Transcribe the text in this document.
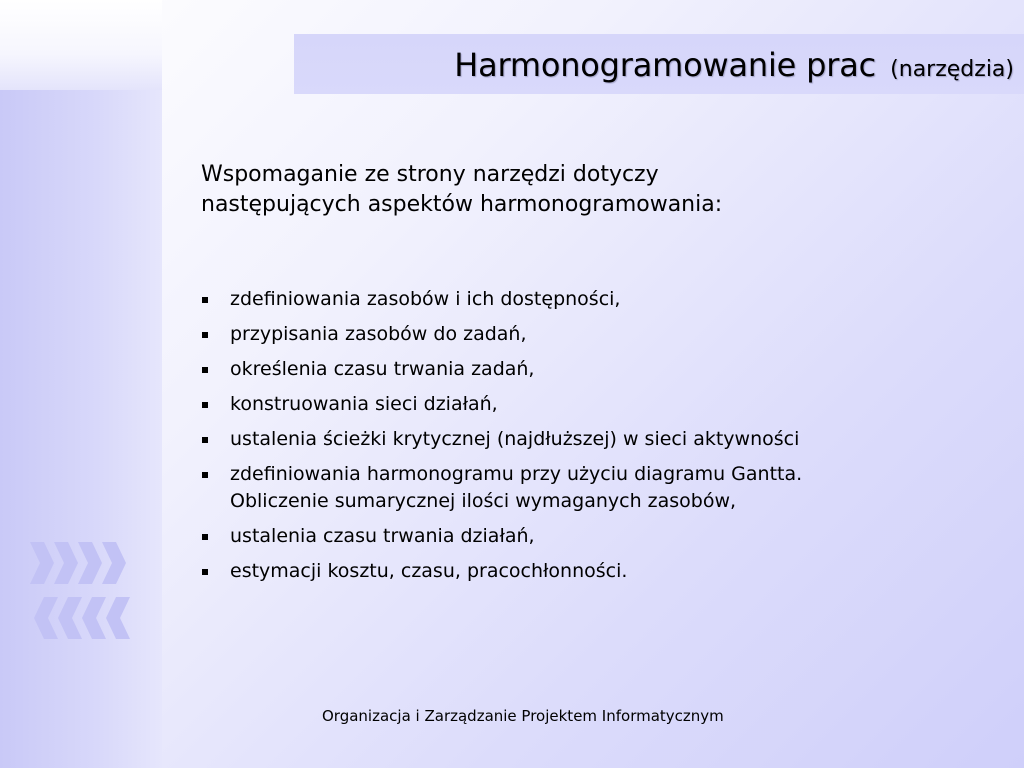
Harmonogramowanie prac (narzędzia)

Wspomaganie ze strony narzędzi dotyczy
następujących aspektów harmonogramowania:

zdefiniowania zasobów i ich dostępności,
przypisania zasobów do zadań,
określenia czasu trwania zadań,
konstruowania sieci działań,
ustalenia ścieżki krytycznej (najdłuższej) w sieci aktywności
zdefiniowania harmonogramu przy użyciu diagramu Gantta. Obliczenie sumarycznej ilości wymaganych zasobów,
ustalenia czasu trwania działań,
estymacji kosztu, czasu, pracochłonności.

Organizacja i Zarządzanie Projektem Informatycznym
